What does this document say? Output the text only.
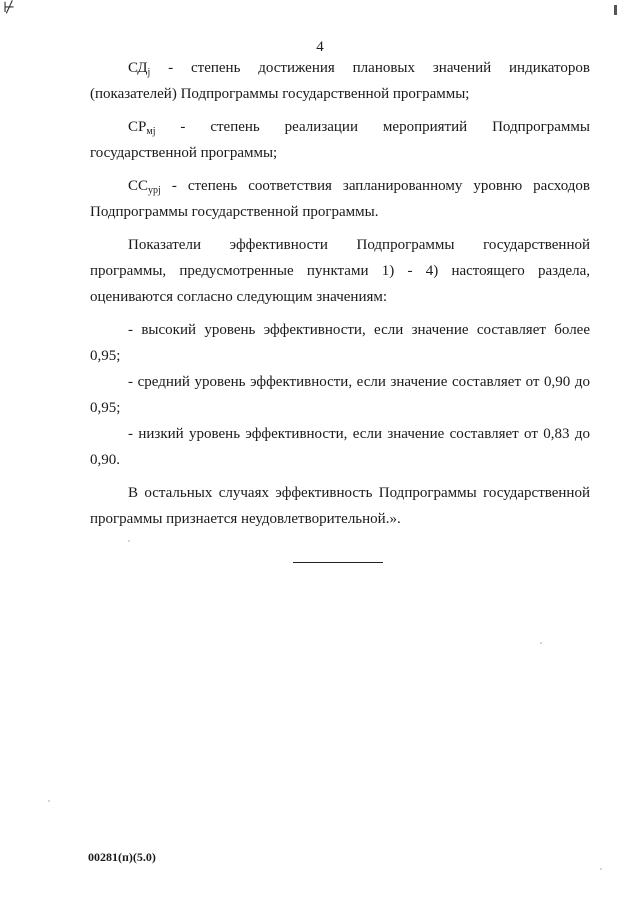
⊬
4

$СД_j$ - степень достижения плановых значений индикаторов (показателей) Подпрограммы государственной программы;

$СР_{мj}$ - степень реализации мероприятий Подпрограммы государственной программы;

$СС_{урj}$ - степень соответствия запланированному уровню расходов Подпрограммы государственной программы.

Показатели эффективности Подпрограммы государственной программы, предусмотренные пунктами 1) - 4) настоящего раздела, оцениваются согласно следующим значениям:

- высокий уровень эффективности, если значение составляет более 0,95;

- средний уровень эффективности, если значение составляет от 0,90 до 0,95;

- низкий уровень эффективности, если значение составляет от 0,83 до 0,90.

В остальных случаях эффективность Подпрограммы государственной программы признается неудовлетворительной.».

00281(п)(5.0)
